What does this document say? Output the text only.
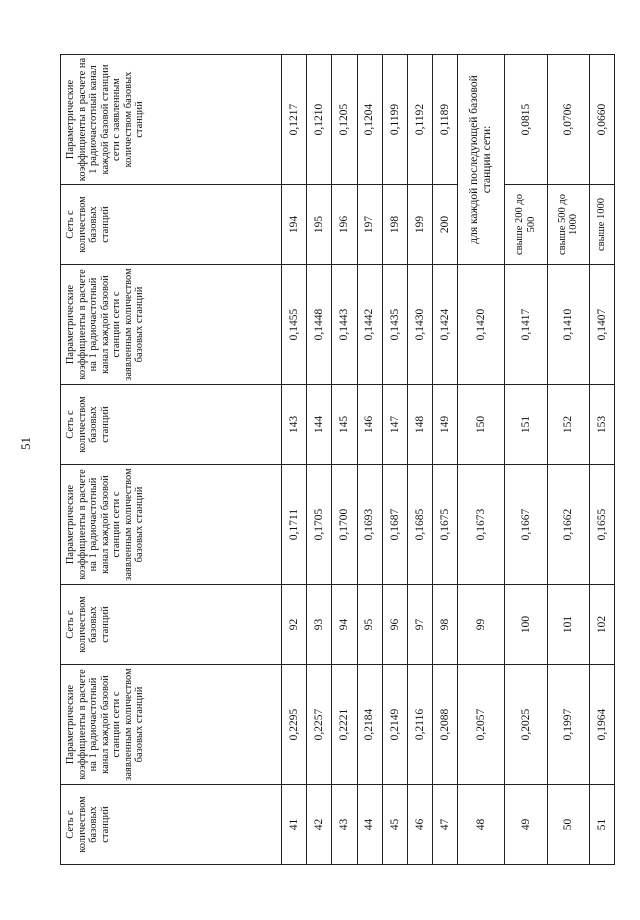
51
Сеть с количеством базовых станций	Параметрические коэффициенты в расчете на 1 радиочастотный канал каждой базовой станции сети с заявленным количеством базовых станций	Сеть с количеством базовых станций	Параметрические коэффициенты в расчете на 1 радиочастотный канал каждой базовой станции сети с заявленным количеством базовых станций	Сеть с количеством базовых станций	Параметрические коэффициенты в расчете на 1 радиочастотный канал каждой базовой станции сети с заявленным количеством базовых станций	Сеть с количеством базовых станций	Параметрические коэффициенты в расчете на 1 радиочастотный канал каждой базовой станции сети с заявленным количеством базовых станций
41	0,2295	92	0,1711	143	0,1455	194	0,1217
42	0,2257	93	0,1705	144	0,1448	195	0,1210
43	0,2221	94	0,1700	145	0,1443	196	0,1205
44	0,2184	95	0,1693	146	0,1442	197	0,1204
45	0,2149	96	0,1687	147	0,1435	198	0,1199
46	0,2116	97	0,1685	148	0,1430	199	0,1192
47	0,2088	98	0,1675	149	0,1424	200	0,1189
48	0,2057	99	0,1673	150	0,1420	для каждой последующей базовой станции сети:	
49	0,2025	100	0,1667	151	0,1417	свыше 200 до 500	0,0815
50	0,1997	101	0,1662	152	0,1410	свыше 500 до 1000	0,0706
51	0,1964	102	0,1655	153	0,1407	свыше 1000	0,0660
